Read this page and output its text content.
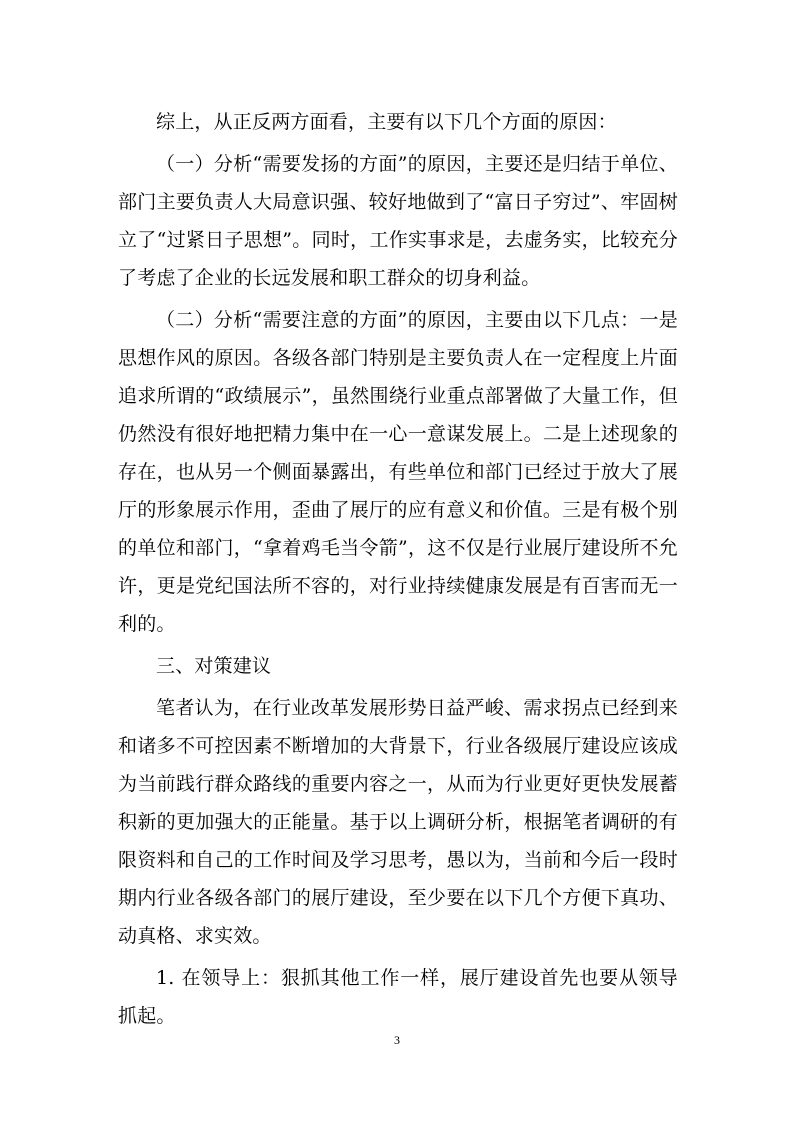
综上，从正反两方面看，主要有以下几个方面的原因：

（一）分析“需要发扬的方面”的原因，主要还是归结于单位、部门主要负责人大局意识强、较好地做到了“富日子穷过”、牢固树立了“过紧日子思想”。同时，工作实事求是，去虚务实，比较充分了考虑了企业的长远发展和职工群众的切身利益。

（二）分析“需要注意的方面”的原因，主要由以下几点：一是思想作风的原因。各级各部门特别是主要负责人在一定程度上片面追求所谓的“政绩展示”，虽然围绕行业重点部署做了大量工作，但仍然没有很好地把精力集中在一心一意谋发展上。二是上述现象的存在，也从另一个侧面暴露出，有些单位和部门已经过于放大了展厅的形象展示作用，歪曲了展厅的应有意义和价值。三是有极个别的单位和部门，“拿着鸡毛当令箭”，这不仅是行业展厅建设所不允许，更是党纪国法所不容的，对行业持续健康发展是有百害而无一利的。

三、对策建议

笔者认为，在行业改革发展形势日益严峻、需求拐点已经到来和诸多不可控因素不断增加的大背景下，行业各级展厅建设应该成为当前践行群众路线的重要内容之一，从而为行业更好更快发展蓄积新的更加强大的正能量。基于以上调研分析，根据笔者调研的有限资料和自己的工作时间及学习思考，愚以为，当前和今后一段时期内行业各级各部门的展厅建设，至少要在以下几个方便下真功、动真格、求实效。

1. 在领导上：狠抓其他工作一样，展厅建设首先也要从领导抓起。

3
